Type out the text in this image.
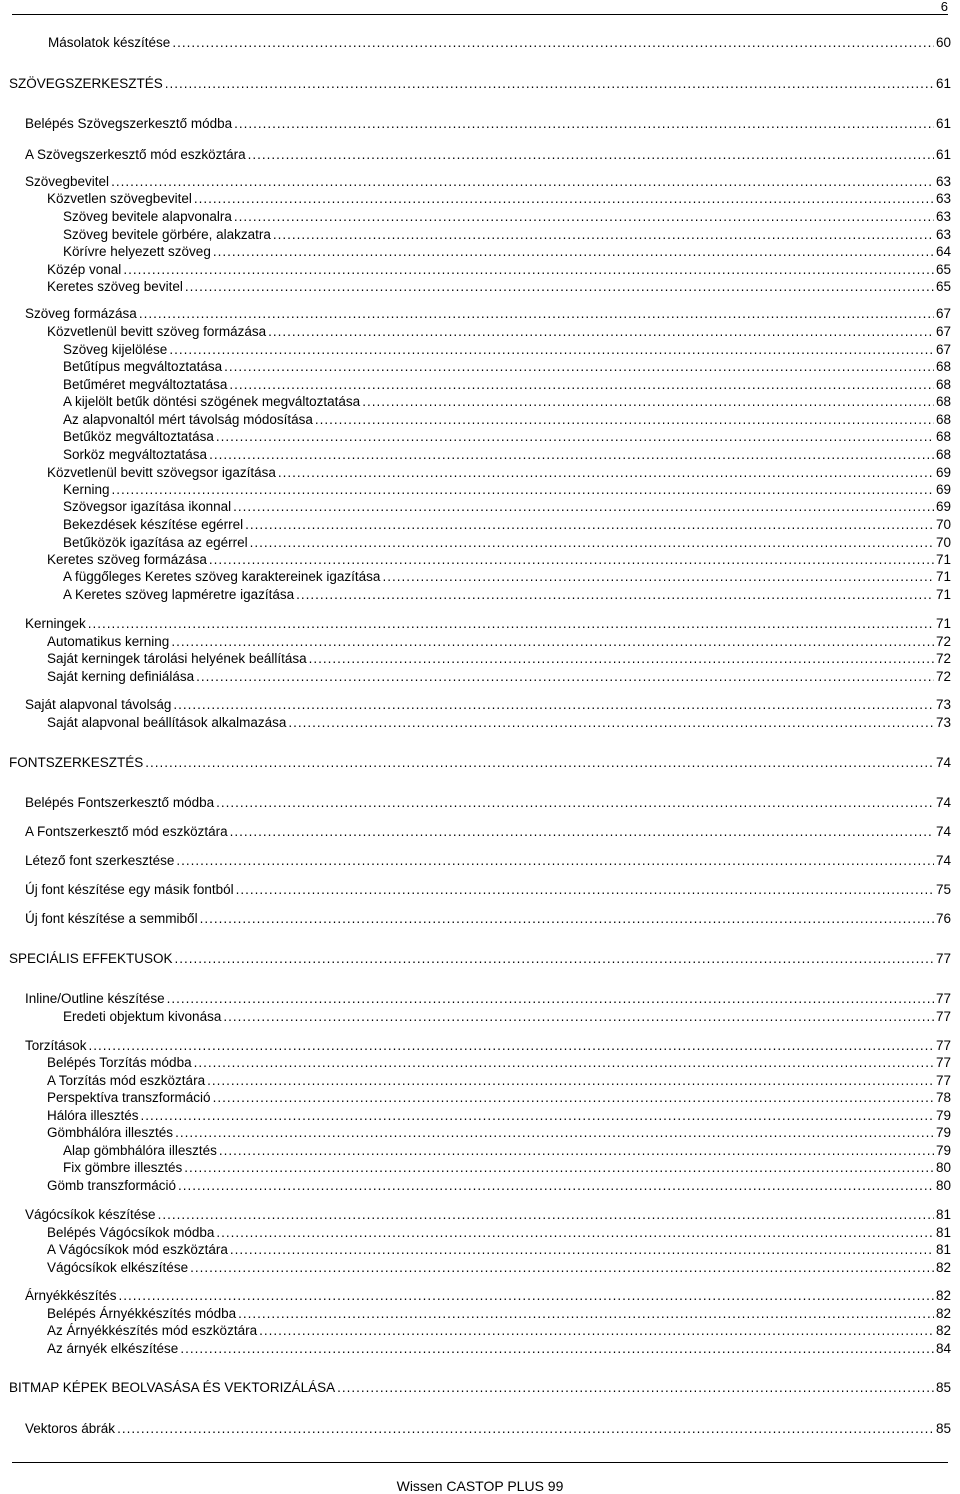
6
Másolatok készítése .....	60
SZÖVEGSZERKESZTÉS .....	61
Belépés Szövegszerkesztő módba .....	61
A Szövegszerkesztő mód eszköztára .....	61
Szövegbevitel .....	63
Közvetlen szövegbevitel .....	63
Szöveg bevitele alapvonalra .....	63
Szöveg bevitele görbére, alakzatra .....	63
Körívre helyezett szöveg .....	64
Közép vonal .....	65
Keretes szöveg bevitel .....	65
Szöveg formázása .....	67
Közvetlenül bevitt szöveg formázása .....	67
Szöveg kijelölése .....	67
Betűtípus megváltoztatása .....	68
Betűméret megváltoztatása .....	68
A kijelölt betűk döntési szögének megváltoztatása .....	68
Az alapvonaltól mért távolság módosítása .....	68
Betűköz megváltoztatása .....	68
Sorköz megváltoztatása .....	68
Közvetlenül bevitt szövegsor igazítása .....	69
Kerning .....	69
Szövegsor igazítása ikonnal .....	69
Bekezdések készítése egérrel .....	70
Betűközök igazítása az egérrel .....	70
Keretes szöveg formázása .....	71
A függőleges Keretes szöveg karaktereinek igazítása .....	71
A Keretes szöveg lapméretre igazítása .....	71
Kerningek .....	71
Automatikus kerning .....	72
Saját kerningek tárolási helyének beállítása .....	72
Saját kerning definiálása .....	72
Saját alapvonal távolság .....	73
Saját alapvonal beállítások alkalmazása .....	73
FONTSZERKESZTÉS .....	74
Belépés Fontszerkesztő módba .....	74
A Fontszerkesztő mód eszköztára .....	74
Létező font szerkesztése .....	74
Új font készítése egy másik fontból .....	75
Új font készítése a semmiből .....	76
SPECIÁLIS EFFEKTUSOK .....	77
Inline/Outline készítése .....	77
Eredeti objektum kivonása .....	77
Torzítások .....	77
Belépés Torzítás módba .....	77
A Torzítás mód eszköztára .....	77
Perspektíva transzformáció .....	78
Hálóra illesztés .....	79
Gömbhálóra illesztés .....	79
Alap gömbhálóra illesztés .....	79
Fix gömbre illesztés .....	80
Gömb transzformáció .....	80
Vágócsíkok készítése .....	81
Belépés Vágócsíkok módba .....	81
A Vágócsíkok mód eszköztára .....	81
Vágócsíkok elkészítése .....	82
Árnyékkészítés .....	82
Belépés Árnyékkészítés módba .....	82
Az Árnyékkészítés mód eszköztára .....	82
Az árnyék elkészítése .....	84
BITMAP KÉPEK BEOLVASÁSA ÉS VEKTORIZÁLÁSA .....	85
Vektoros ábrák .....	85
Wissen CASTOP PLUS 99
